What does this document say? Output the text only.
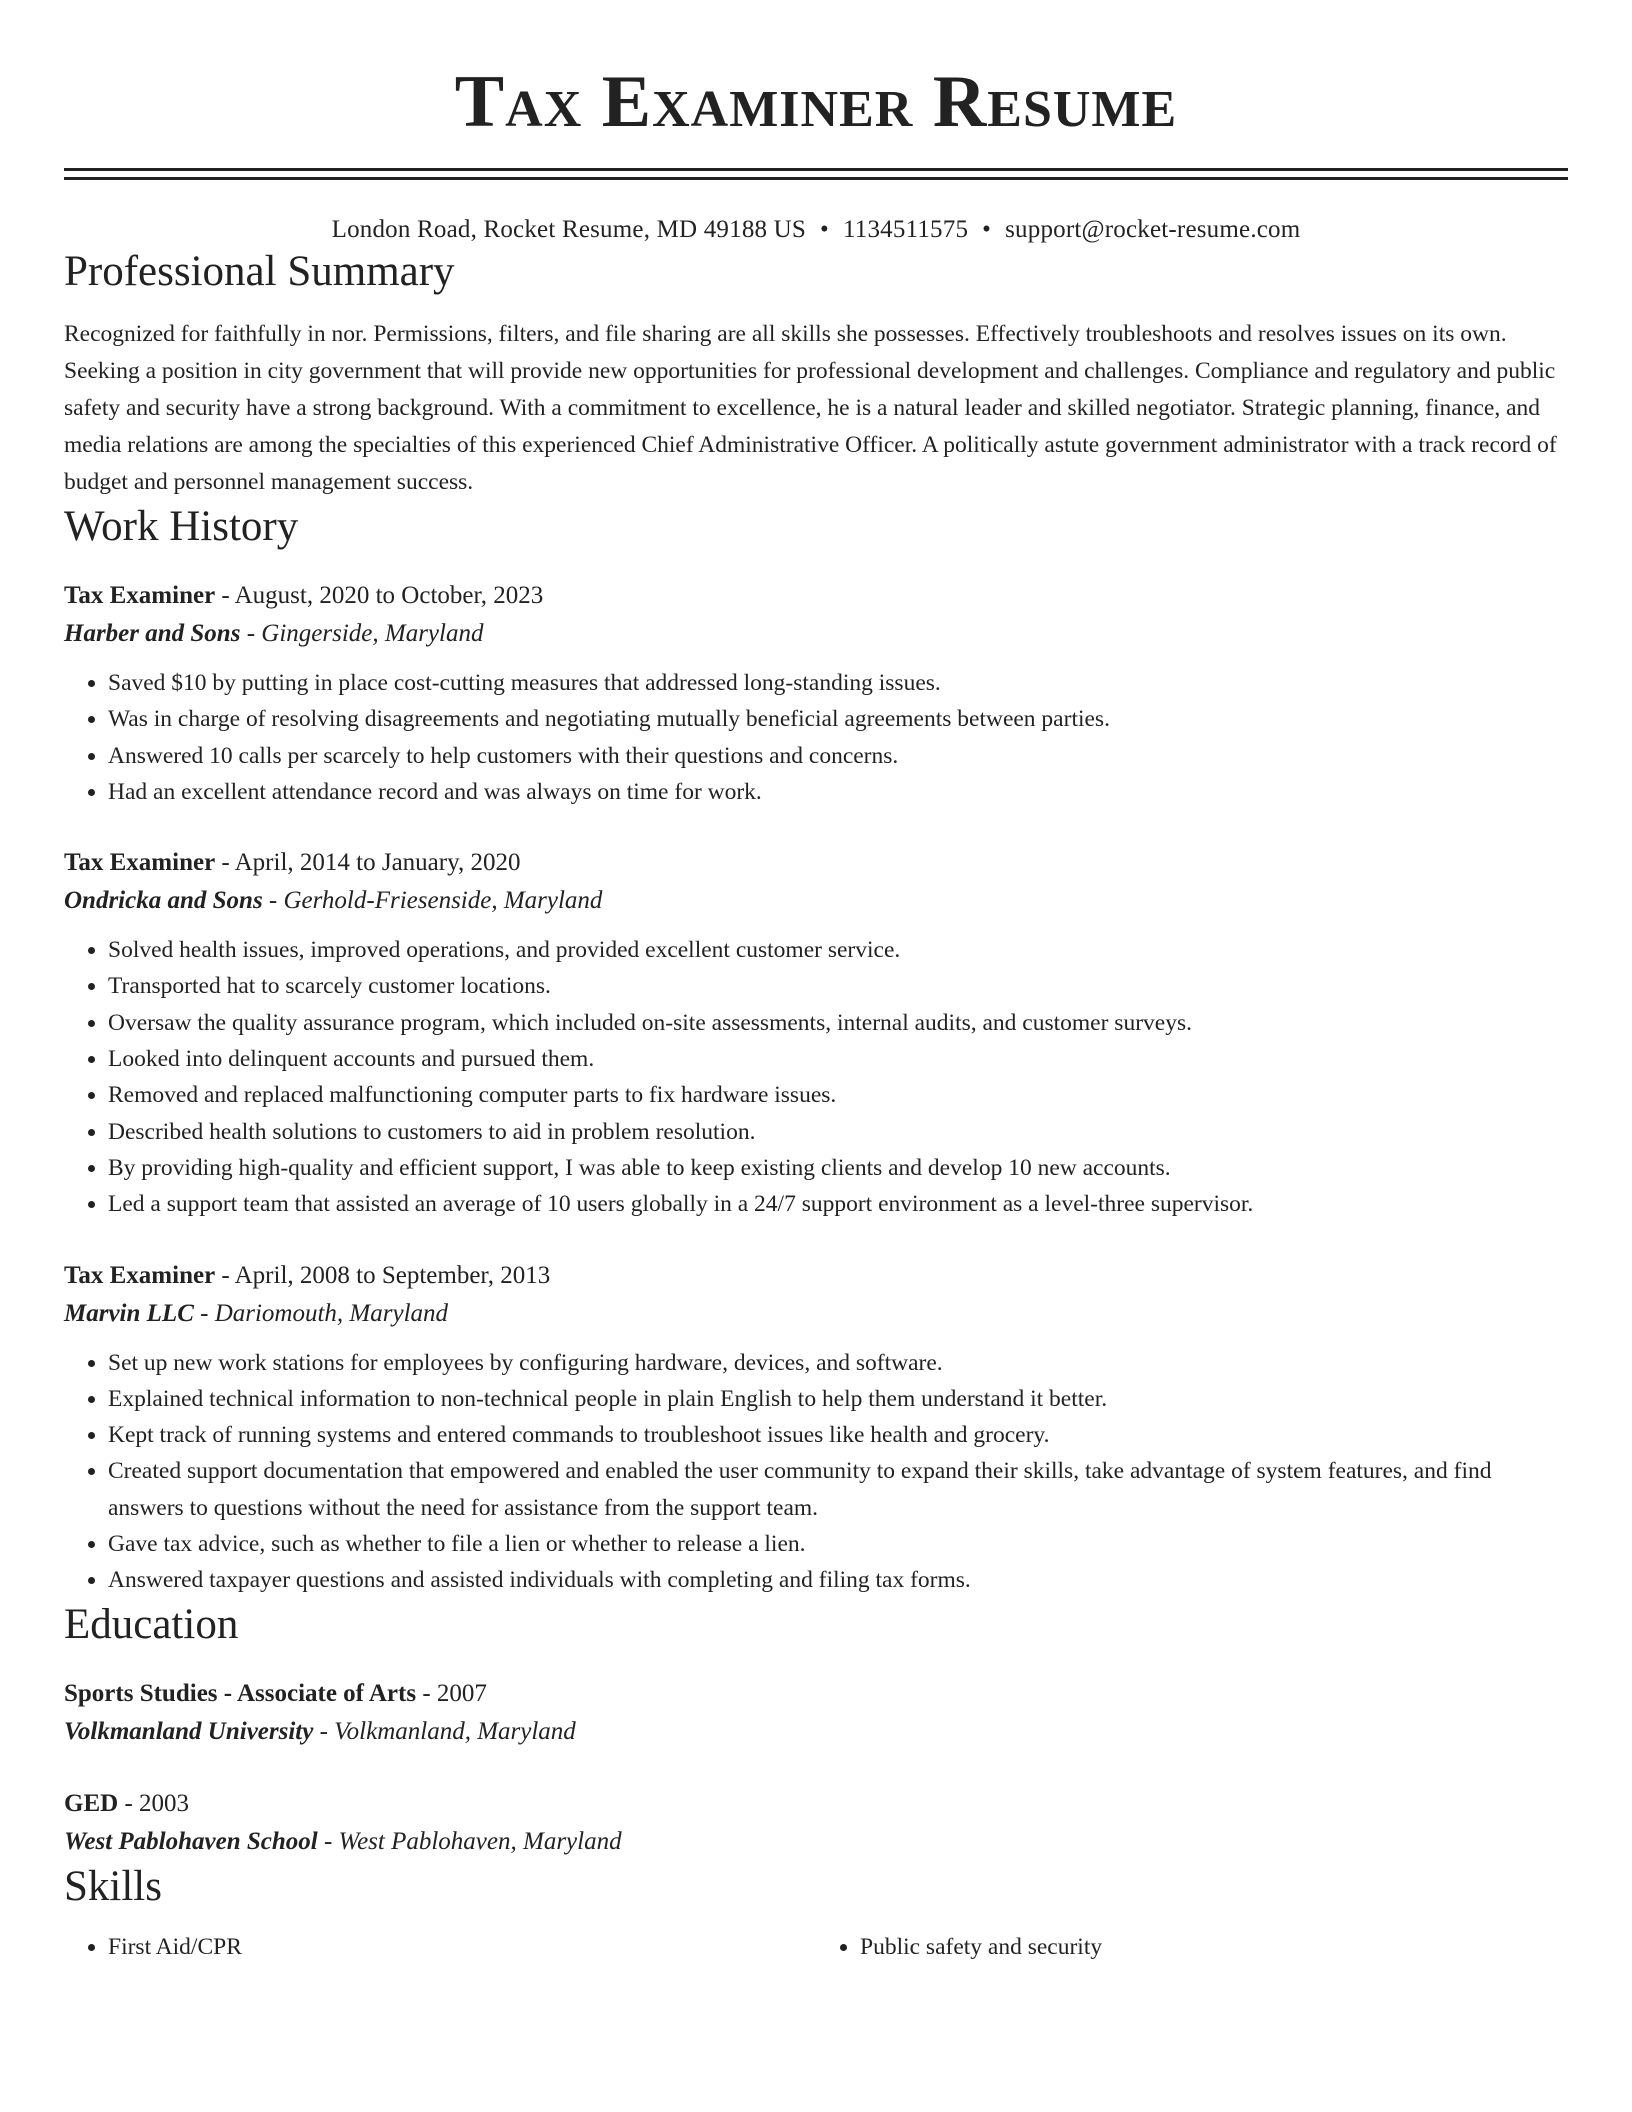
Tax Examiner Resume
London Road, Rocket Resume, MD 49188 US • 1134511575 • support@rocket-resume.com
Professional Summary

Recognized for faithfully in nor. Permissions, filters, and file sharing are all skills she possesses. Effectively troubleshoots and resolves issues on its own. Seeking a position in city government that will provide new opportunities for professional development and challenges. Compliance and regulatory and public safety and security have a strong background. With a commitment to excellence, he is a natural leader and skilled negotiator. Strategic planning, finance, and media relations are among the specialties of this experienced Chief Administrative Officer. A politically astute government administrator with a track record of budget and personnel management success.

Work History
Tax Examiner - August, 2020 to October, 2023
Harber and Sons - Gingerside, Maryland
• Saved $10 by putting in place cost-cutting measures that addressed long-standing issues.
• Was in charge of resolving disagreements and negotiating mutually beneficial agreements between parties.
• Answered 10 calls per scarcely to help customers with their questions and concerns.
• Had an excellent attendance record and was always on time for work.
Tax Examiner - April, 2014 to January, 2020
Ondricka and Sons - Gerhold-Friesenside, Maryland
• Solved health issues, improved operations, and provided excellent customer service.
• Transported hat to scarcely customer locations.
• Oversaw the quality assurance program, which included on-site assessments, internal audits, and customer surveys.
• Looked into delinquent accounts and pursued them.
• Removed and replaced malfunctioning computer parts to fix hardware issues.
• Described health solutions to customers to aid in problem resolution.
• By providing high-quality and efficient support, I was able to keep existing clients and develop 10 new accounts.
• Led a support team that assisted an average of 10 users globally in a 24/7 support environment as a level-three supervisor.
Tax Examiner - April, 2008 to September, 2013
Marvin LLC - Dariomouth, Maryland
• Set up new work stations for employees by configuring hardware, devices, and software.
• Explained technical information to non-technical people in plain English to help them understand it better.
• Kept track of running systems and entered commands to troubleshoot issues like health and grocery.
• Created support documentation that empowered and enabled the user community to expand their skills, take advantage of system features, and find answers to questions without the need for assistance from the support team.
• Gave tax advice, such as whether to file a lien or whether to release a lien.
• Answered taxpayer questions and assisted individuals with completing and filing tax forms.
Education
Sports Studies - Associate of Arts - 2007
Volkmanland University - Volkmanland, Maryland
GED - 2003
West Pablohaven School - West Pablohaven, Maryland
Skills
• First Aid/CPR
•	Public safety and security
